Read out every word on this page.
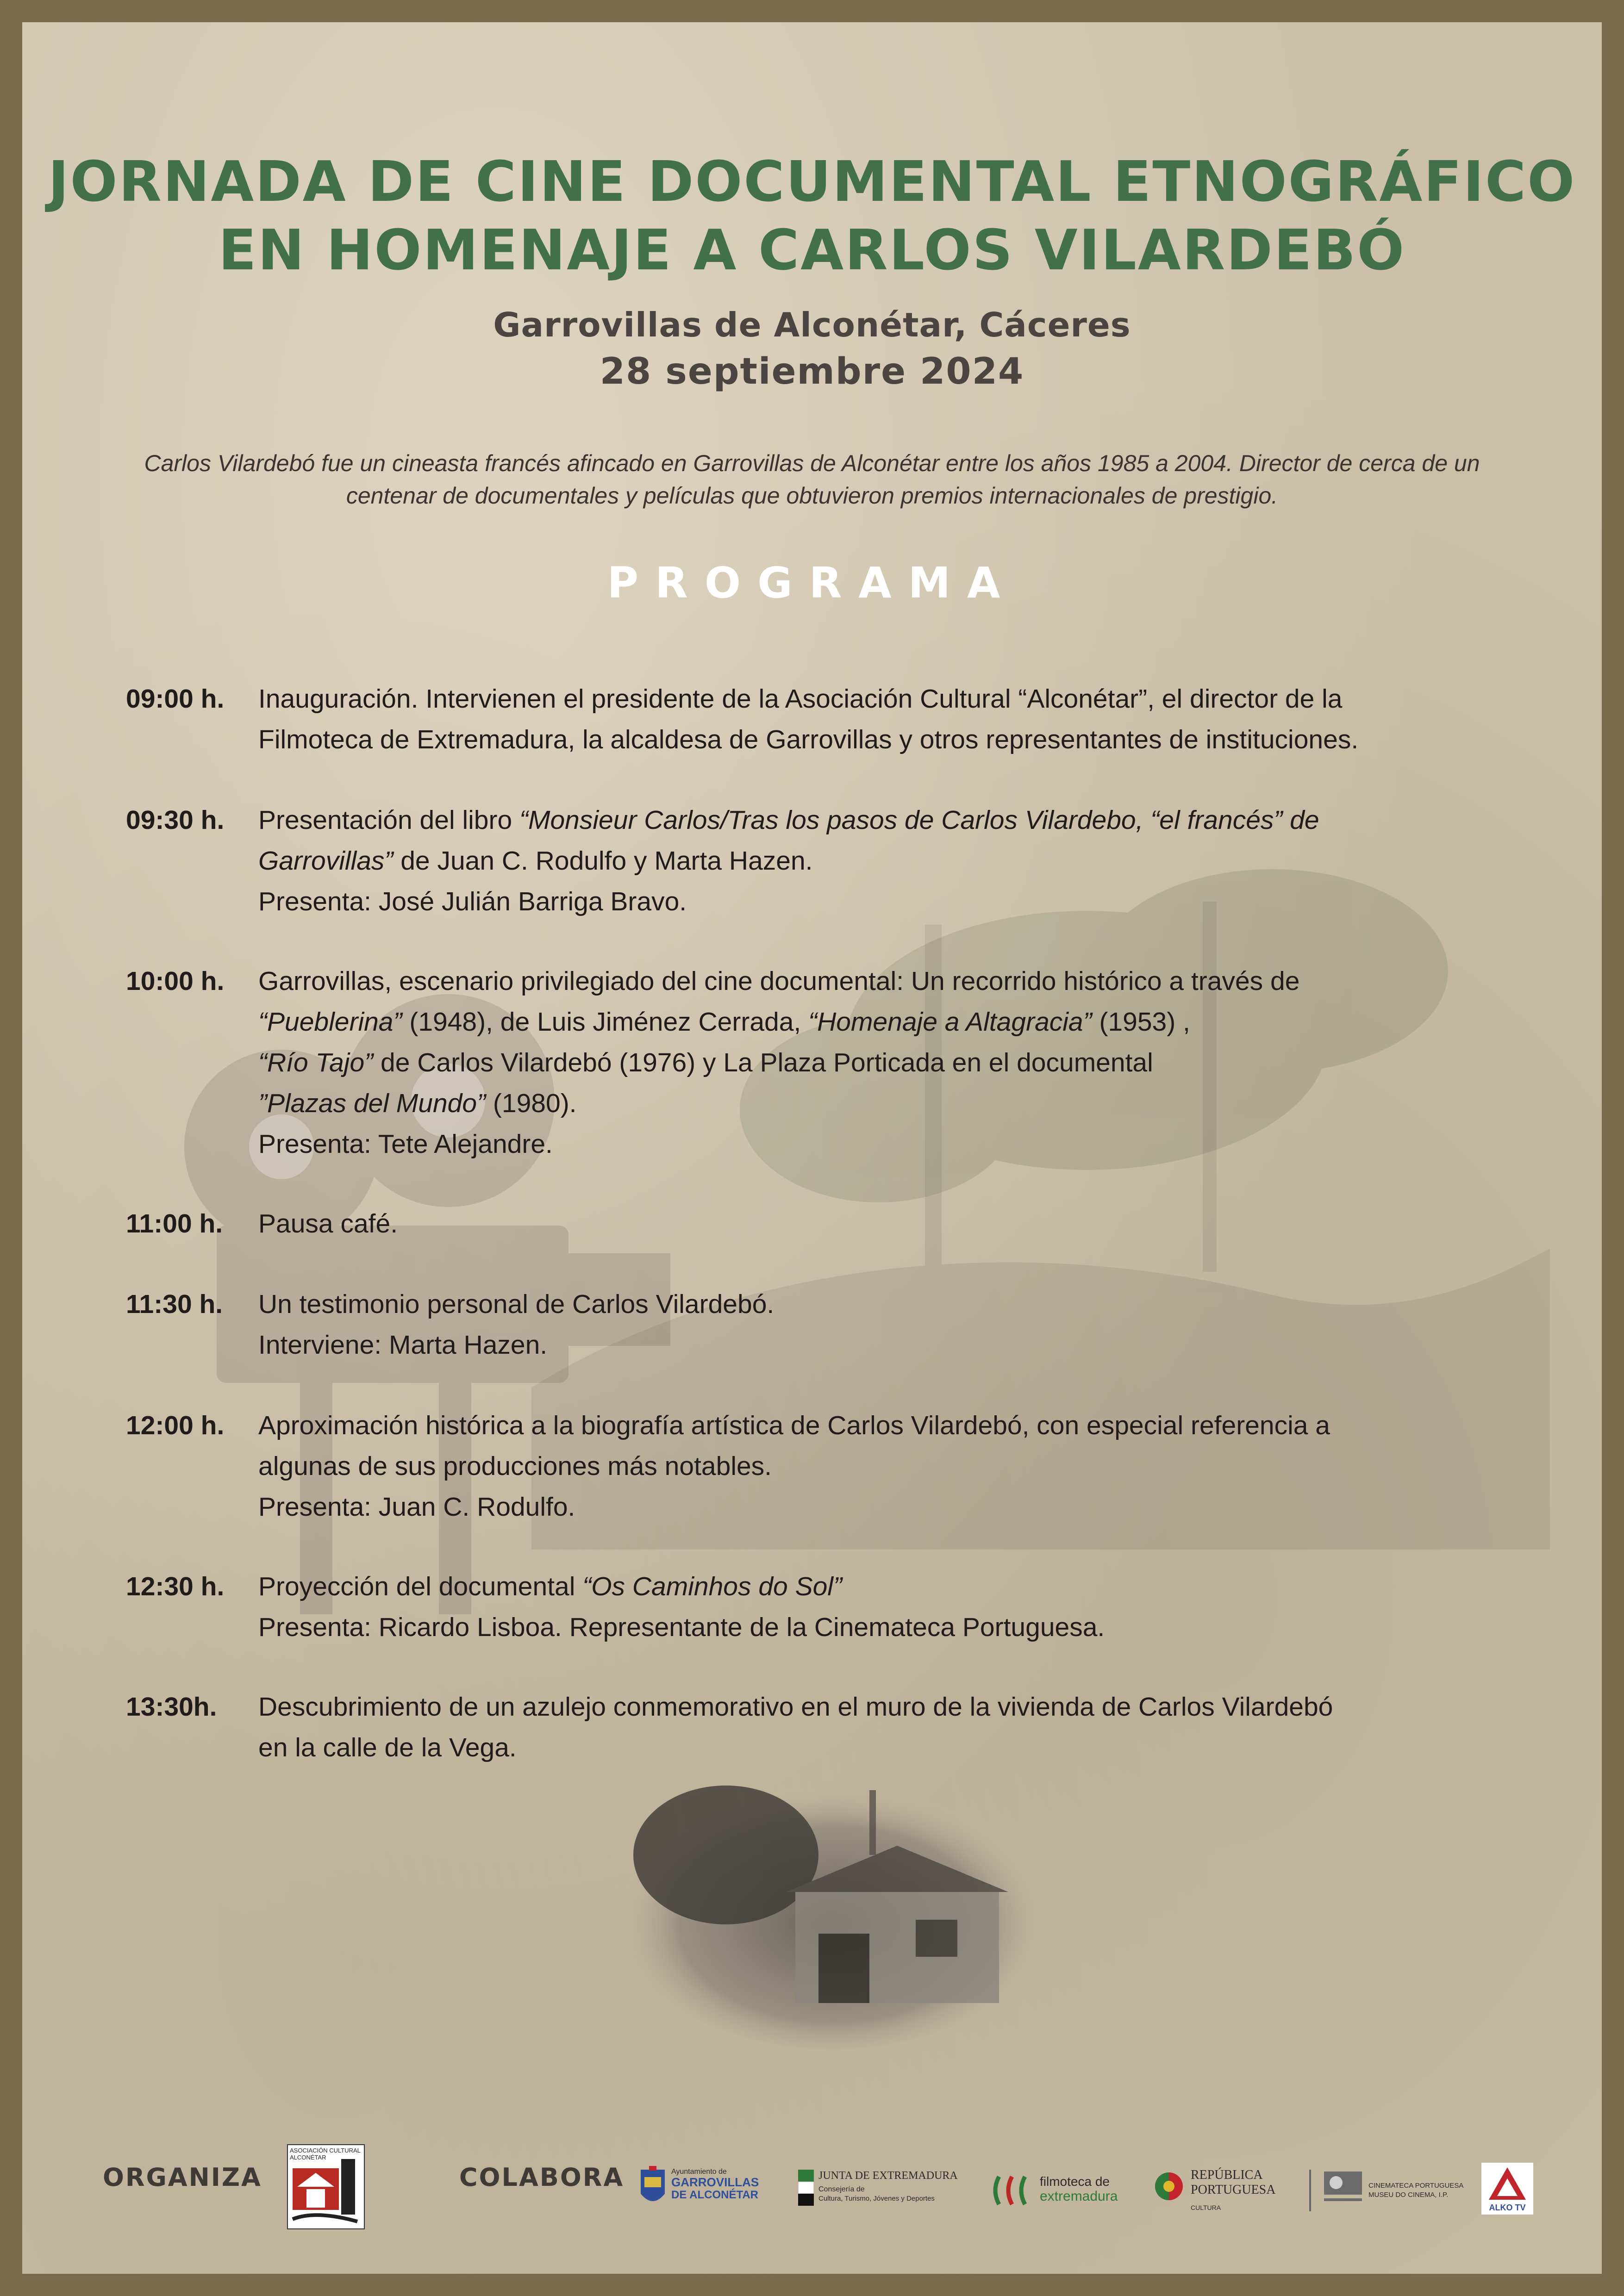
JORNADA DE CINE DOCUMENTAL ETNOGRÁFICO
EN HOMENAJE A CARLOS VILARDEBÓ
Garrovillas de Alconétar, Cáceres
28 septiembre 2024
Carlos Vilardebó fue un cineasta francés afincado en Garrovillas de Alconétar entre los años 1985 a 2004. Director de cerca de un centenar de documentales y películas que obtuvieron premios internacionales de prestigio.
PROGRAMA
09:00 h.	Inauguración. Intervienen el presidente de la Asociación Cultural “Alconétar”, el director de la
Filmoteca de Extremadura, la alcaldesa de Garrovillas y otros representantes de instituciones.
09:30 h.	Presentación del libro “Monsieur Carlos/Tras los pasos de Carlos Vilardebo, “el francés” de
Garrovillas” de Juan C. Rodulfo y Marta Hazen.
Presenta: José Julián Barriga Bravo.
10:00 h.	Garrovillas, escenario privilegiado del cine documental: Un recorrido histórico a través de
“Pueblerina” (1948), de Luis Jiménez Cerrada, “Homenaje a Altagracia” (1953) ,
“Río Tajo” de Carlos Vilardebó (1976) y La Plaza Porticada en el documental
”Plazas del Mundo” (1980).
Presenta: Tete Alejandre.
11:00 h.	Pausa café.
11:30 h.	Un testimonio personal de Carlos Vilardebó.
Interviene: Marta Hazen.
12:00 h.	Aproximación histórica a la biografía artística de Carlos Vilardebó, con especial referencia a
algunas de sus producciones más notables.
Presenta: Juan C. Rodulfo.
12:30 h.	Proyección del documental “Os Caminhos do Sol”
Presenta: Ricardo Lisboa. Representante de la Cinemateca Portuguesa.
13:30h.	Descubrimiento de un azulejo conmemorativo en el muro de la vivienda de Carlos Vilardebó
en la calle de la Vega.
ORGANIZA
ASOCIACIÓN CULTURAL ALCONÉTAR
COLABORA	Ayuntamiento de
GARROVILLAS
DE ALCONÉTAR
JUNTA DE EXTREMADURA
Consejería de
Cultura, Turismo, Jóvenes y Deportes
filmoteca de
extremadura
REPÚBLICA
PORTUGUESA
CULTURA
CINEMATECA PORTUGUESA
MUSEU DO CINEMA, I.P.
ALKO TV
